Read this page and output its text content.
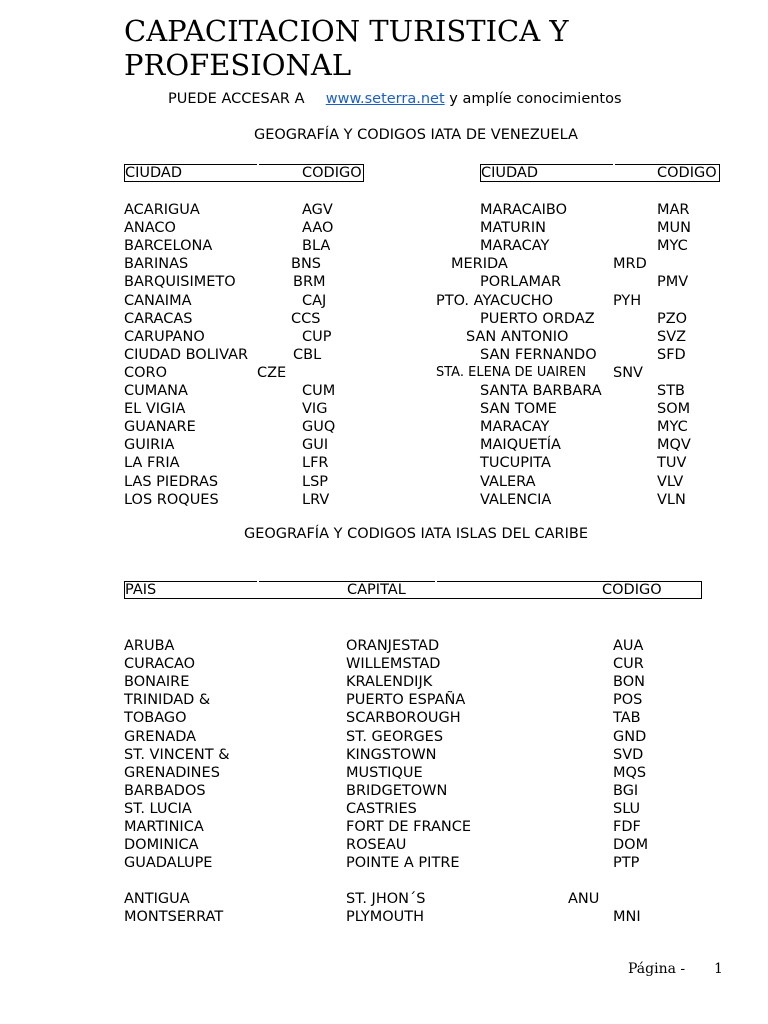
CAPACITACION TURISTICA Y PROFESIONAL
PUEDE ACCESAR A www.seterra.net y amplíe conocimientos
GEOGRAFÍA Y CODIGOS IATA DE VENEZUELA
CIUDAD	CODIGO	CIUDAD	CODIGO
ACARIGUA	AGV
ANACO	AAO
BARCELONA	BLA
BARINAS	BNS
BARQUISIMETO	BRM
CANAIMA	CAJ
CARACAS	CCS
CARUPANO	CUP
CIUDAD BOLIVAR	CBL
CORO	CZE
CUMANA	CUM
EL VIGIA	VIG
GUANARE	GUQ
GUIRIA	GUI
LA FRIA	LFR
LAS PIEDRAS	LSP
LOS ROQUES	LRV
MARACAIBO	MAR
MATURIN	MUN
MARACAY	MYC
MERIDA	MRD
PORLAMAR	PMV
PTO. AYACUCHO	PYH
PUERTO ORDAZ	PZO
SAN ANTONIO	SVZ
SAN FERNANDO	SFD
STA. ELENA DE UAIREN SNV
SANTA BARBARA	STB
SAN TOME	SOM
MARACAY	MYC
MAIQUETÍA	MQV
TUCUPITA	TUV
VALERA	VLV
VALENCIA	VLN
GEOGRAFÍA Y CODIGOS IATA ISLAS DEL CARIBE
PAIS	CAPITAL	CODIGO
ARUBA	ORANJESTAD	AUA
CURACAO	WILLEMSTAD	CUR
BONAIRE	KRALENDIJK	BON
TRINIDAD &	PUERTO ESPAÑA	POS
TOBAGO	SCARBOROUGH	TAB
GRENADA	ST. GEORGES	GND
ST. VINCENT &	KINGSTOWN	SVD
GRENADINES	MUSTIQUE	MQS
BARBADOS	BRIDGETOWN	BGI
ST. LUCIA	CASTRIES	SLU
MARTINICA	FORT DE FRANCE	FDF
DOMINICA	ROSEAU	DOM
GUADALUPE	POINTE A PITRE	PTP
ANTIGUA	ST. JHON´S	ANU
MONTSERRAT	PLYMOUTH	MNI
Página - 1
